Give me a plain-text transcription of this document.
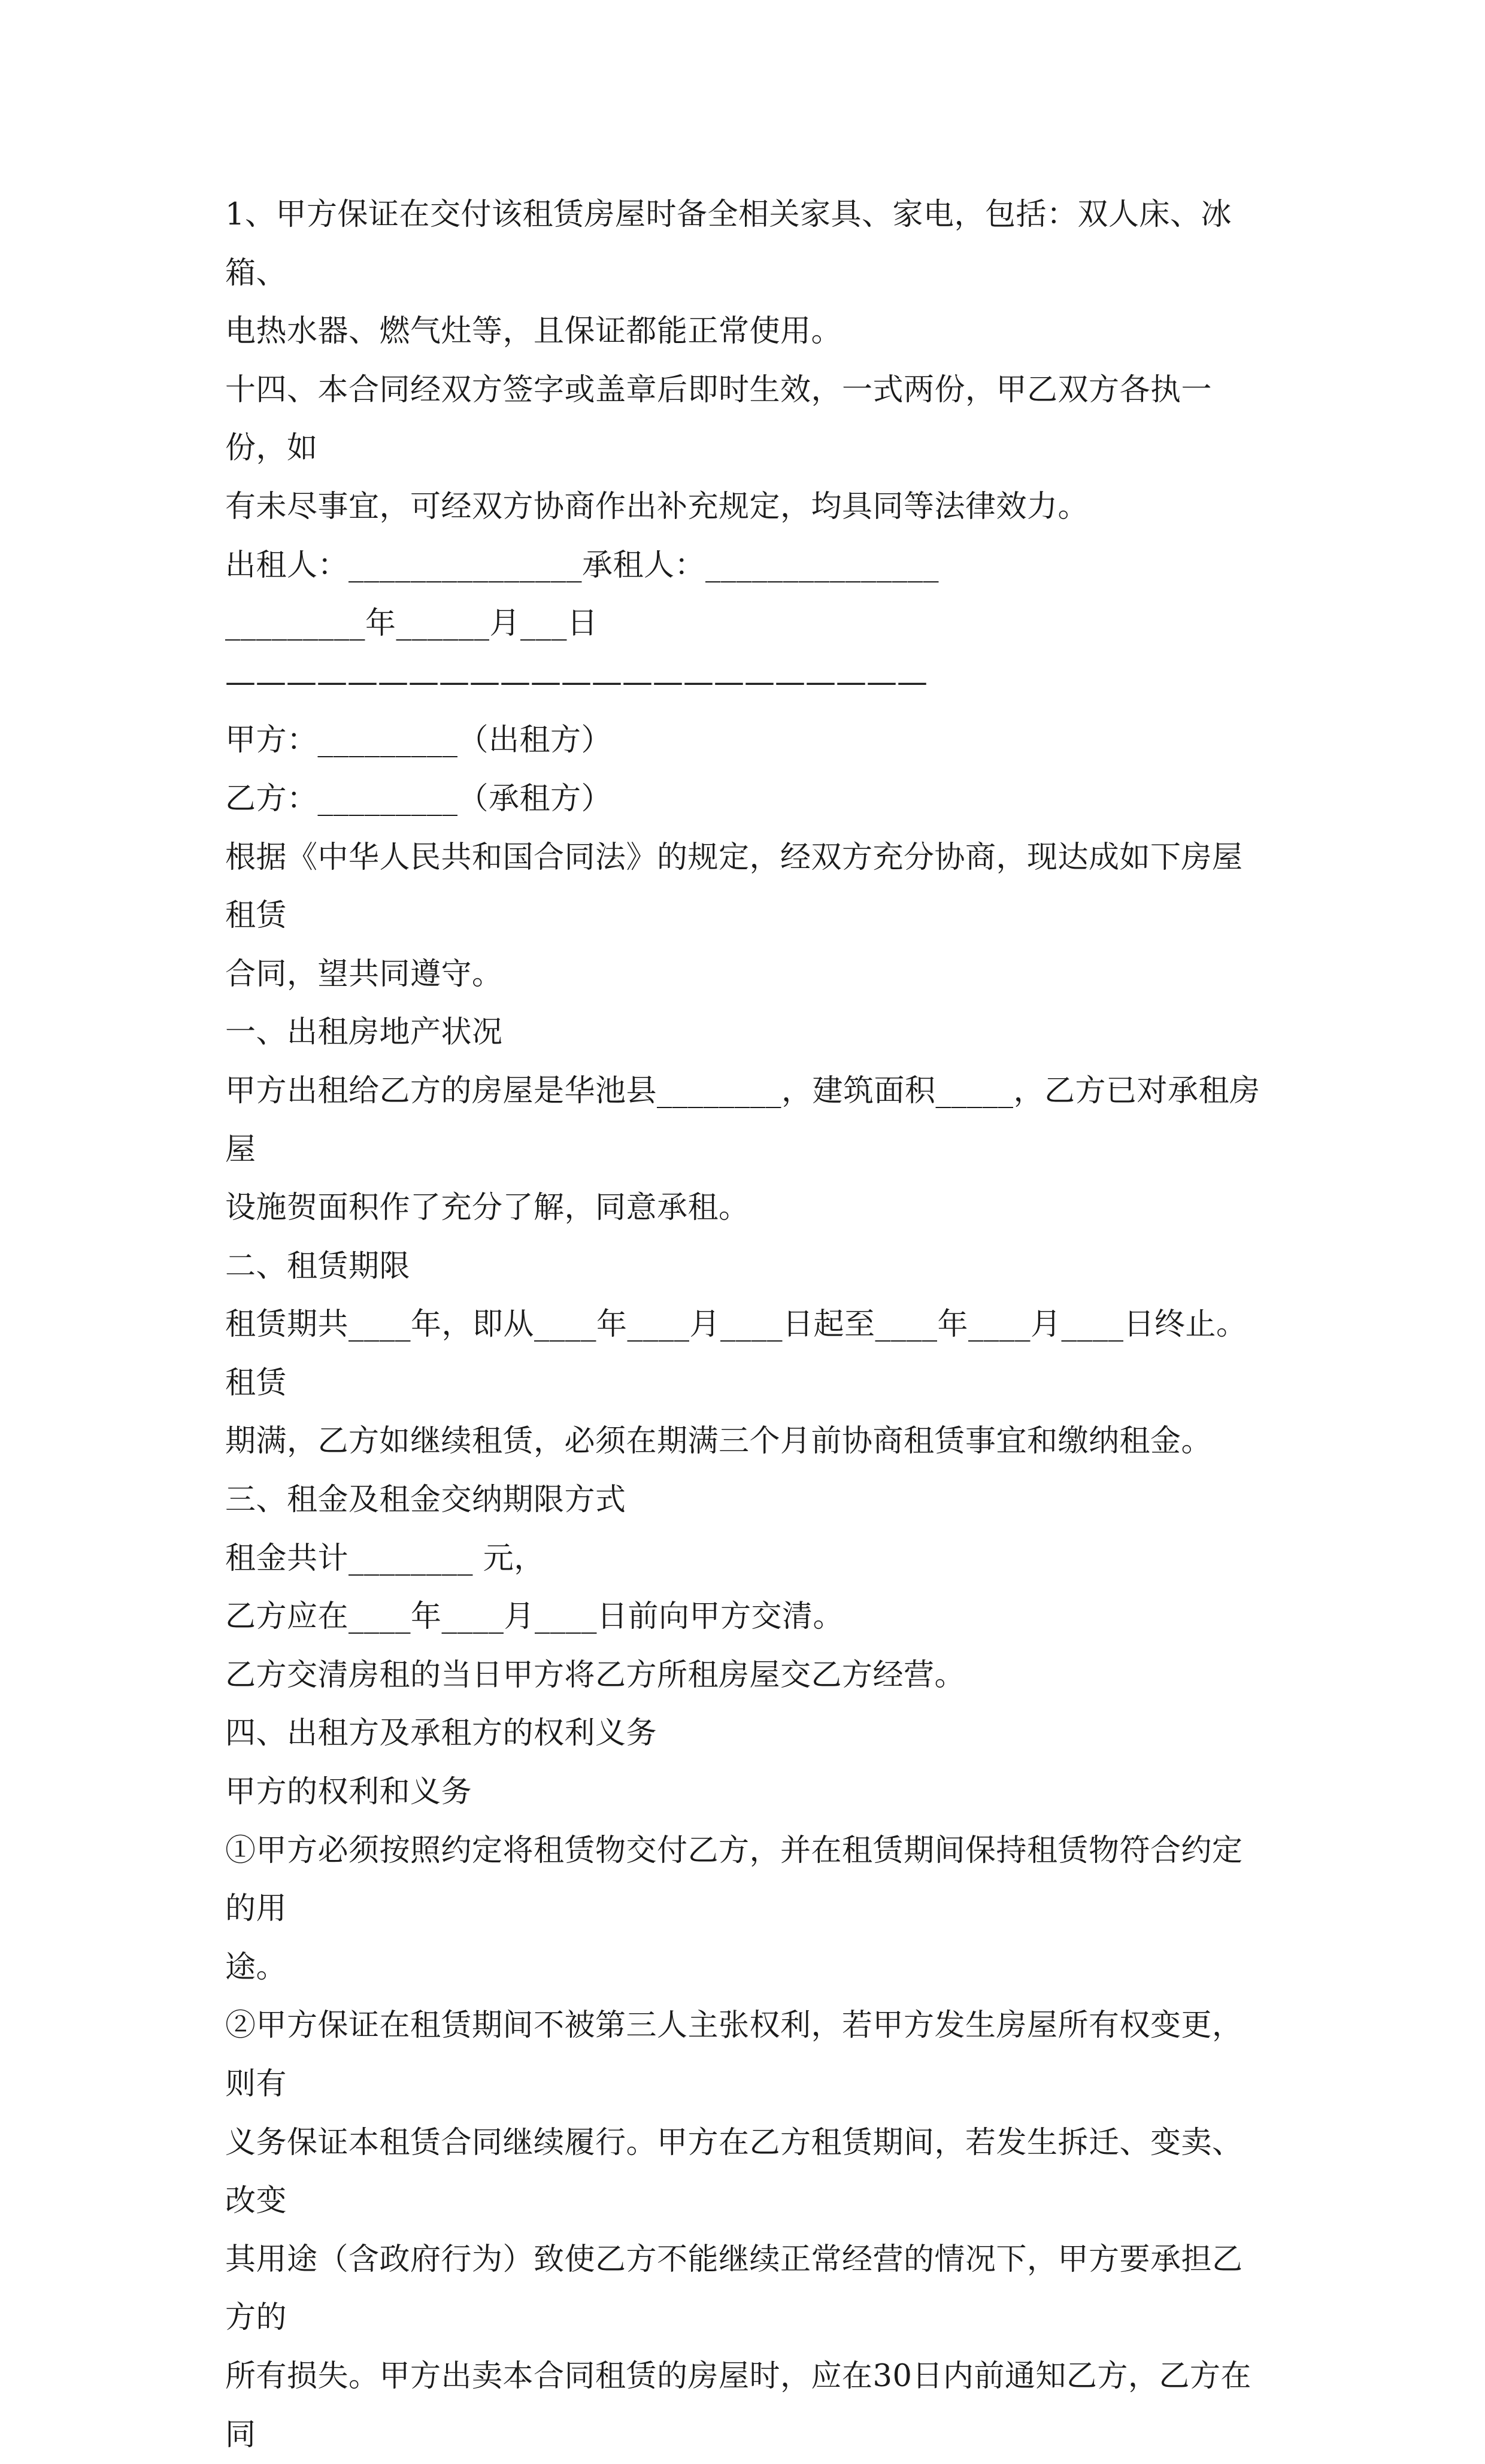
1、甲方保证在交付该租赁房屋时备全相关家具、家电，包括：双人床、冰箱、

电热水器、燃气灶等，且保证都能正常使用。

十四、本合同经双方签字或盖章后即时生效，一式两份，甲乙双方各执一份，如

有未尽事宜，可经双方协商作出补充规定，均具同等法律效力。

出租人：_______________承租人：_______________

_________年______月___日

———————————————————————

甲方：_________（出租方）

乙方：_________（承租方）

根据《中华人民共和国合同法》的规定，经双方充分协商，现达成如下房屋租赁

合同，望共同遵守。

一、出租房地产状况

甲方出租给乙方的房屋是华池县________，建筑面积_____，乙方已对承租房屋

设施贺面积作了充分了解，同意承租。

二、租赁期限

租赁期共____年，即从____年____月____日起至____年____月____日终止。租赁

期满，乙方如继续租赁，必须在期满三个月前协商租赁事宜和缴纳租金。

三、租金及租金交纳期限方式

租金共计________ 元，

乙方应在____年____月____日前向甲方交清。

乙方交清房租的当日甲方将乙方所租房屋交乙方经营。

四、出租方及承租方的权利义务

甲方的权利和义务

①甲方必须按照约定将租赁物交付乙方，并在租赁期间保持租赁物符合约定的用

途。

②甲方保证在租赁期间不被第三人主张权利，若甲方发生房屋所有权变更，则有

义务保证本租赁合同继续履行。甲方在乙方租赁期间，若发生拆迁、变卖、改变

其用途（含政府行为）致使乙方不能继续正常经营的情况下，甲方要承担乙方的

所有损失。甲方出卖本合同租赁的房屋时，应在30日内前通知乙方，乙方在同
